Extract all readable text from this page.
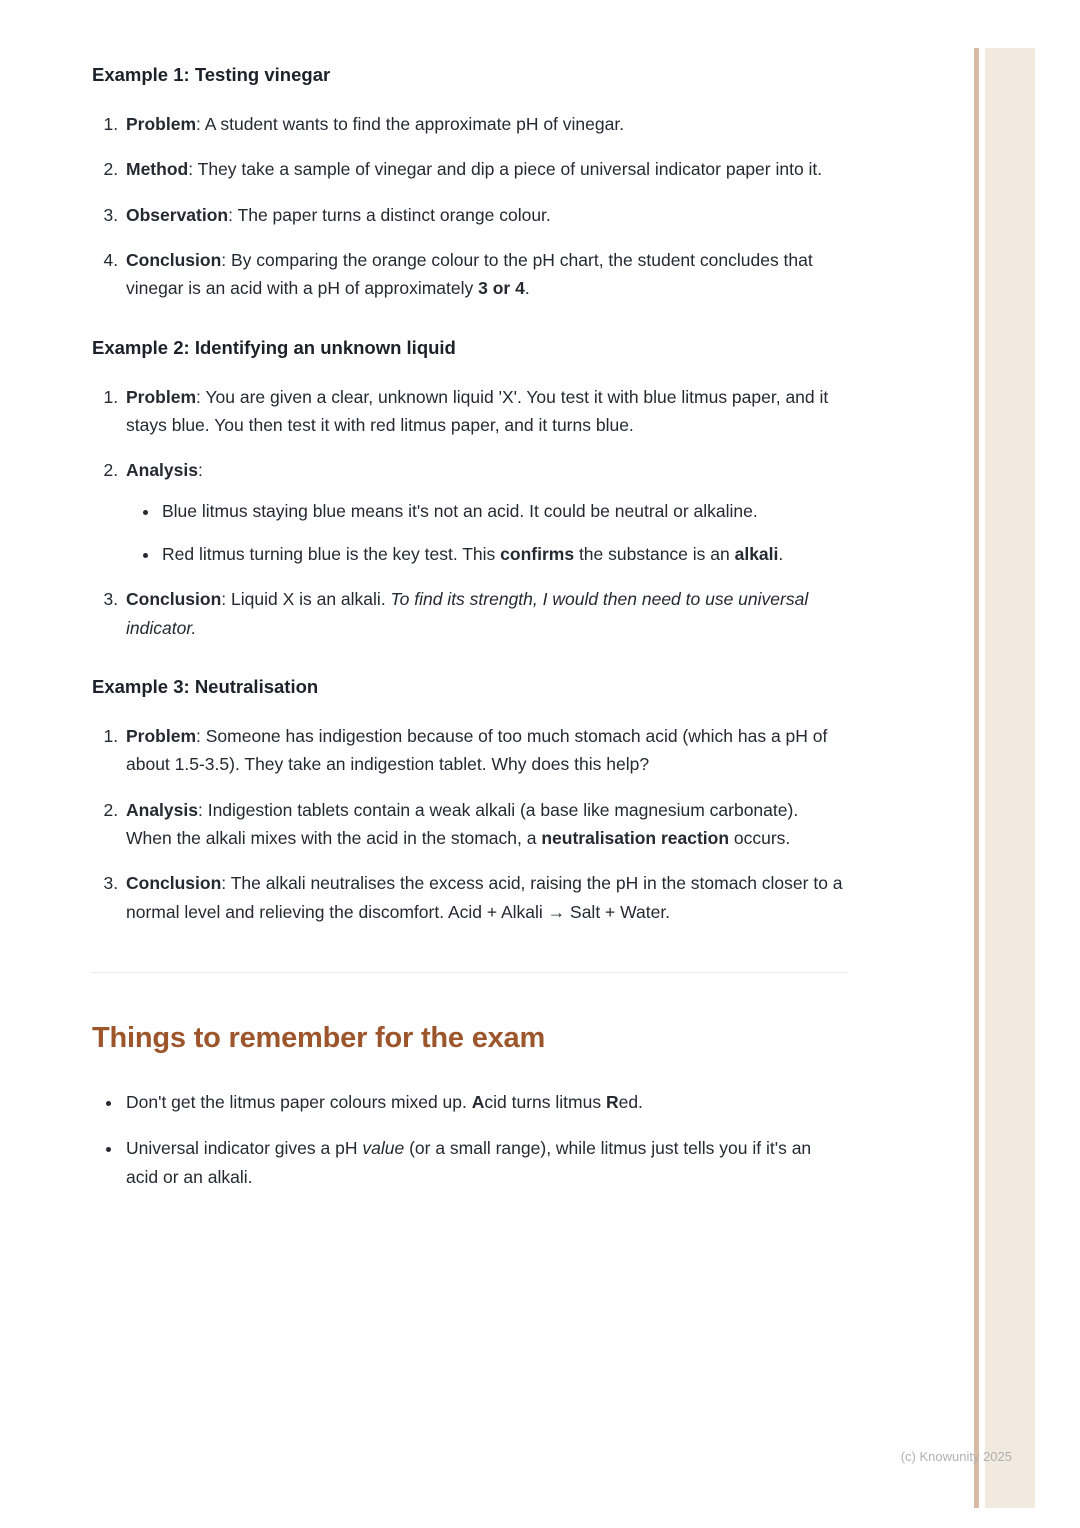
Example 1: Testing vinegar
1. Problem: A student wants to find the approximate pH of vinegar.
2. Method: They take a sample of vinegar and dip a piece of universal indicator paper into it.
3. Observation: The paper turns a distinct orange colour.
4. Conclusion: By comparing the orange colour to the pH chart, the student concludes that vinegar is an acid with a pH of approximately 3 or 4.
Example 2: Identifying an unknown liquid
1. Problem: You are given a clear, unknown liquid 'X'. You test it with blue litmus paper, and it stays blue. You then test it with red litmus paper, and it turns blue.
2. Analysis:
• Blue litmus staying blue means it's not an acid. It could be neutral or alkaline.
• Red litmus turning blue is the key test. This confirms the substance is an alkali.
3. Conclusion: Liquid X is an alkali. To find its strength, I would then need to use universal indicator.
Example 3: Neutralisation
1. Problem: Someone has indigestion because of too much stomach acid (which has a pH of about 1.5-3.5). They take an indigestion tablet. Why does this help?
2. Analysis: Indigestion tablets contain a weak alkali (a base like magnesium carbonate). When the alkali mixes with the acid in the stomach, a neutralisation reaction occurs.
3. Conclusion: The alkali neutralises the excess acid, raising the pH in the stomach closer to a normal level and relieving the discomfort. Acid + Alkali → Salt + Water.
Things to remember for the exam
• Don't get the litmus paper colours mixed up. Acid turns litmus Red.
• Universal indicator gives a pH value (or a small range), while litmus just tells you if it's an acid or an alkali.
(c) Knowunity 2025
